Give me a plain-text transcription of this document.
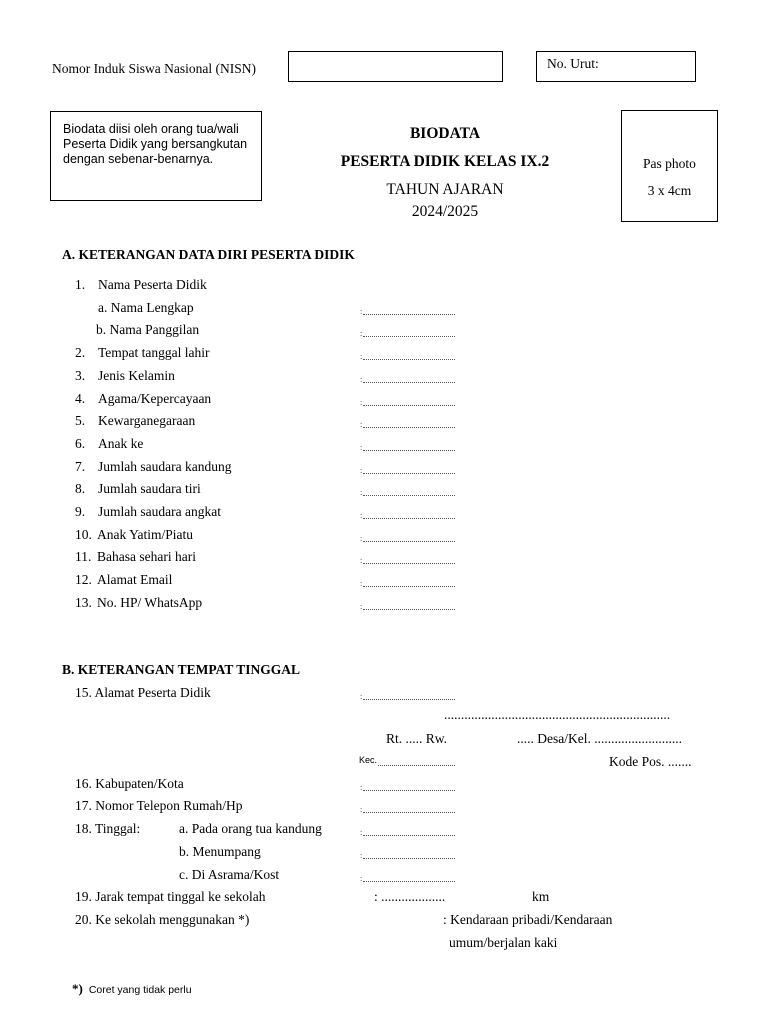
Nomor Induk Siswa Nasional (NISN)	No. Urut:
Biodata diisi oleh orang tua/wali Peserta Didik yang bersangkutan dengan sebenar-benarnya.
BIODATA
PESERTA DIDIK KELAS IX.2
TAHUN AJARAN
2024/2025
Pas photo
3 x 4cm
A. KETERANGAN DATA DIRI PESERTA DIDIK
1. Nama Peserta Didik
a. Nama Lengkap	:
b. Nama Panggilan	:
2. Tempat tanggal lahir	:
3. Jenis Kelamin	:
4. Agama/Kepercayaan	:
5. Kewarganegaraan	:
6. Anak ke	:
7. Jumlah saudara kandung	:
8. Jumlah saudara tiri	:
9. Jumlah saudara angkat	:
10. Anak Yatim/Piatu	:
11. Bahasa sehari hari	:
12. Alamat Email	:
13. No. HP/ WhatsApp	:
B. KETERANGAN TEMPAT TINGGAL
15. Alamat Peserta Didik	:
...................................................................
Rt. ..... Rw.	..... Desa/Kel. ..........................
Kec.	Kode Pos. .......
16. Kabupaten/Kota	:
17. Nomor Telepon Rumah/Hp	:
18. Tinggal:	a. Pada orang tua kandung	:
b. Menumpang	:
c. Di Asrama/Kost	:
19. Jarak tempat tinggal ke sekolah	: ...................	km
20. Ke sekolah menggunakan *)	: Kendaraan pribadi/Kendaraan
umum/berjalan kaki
*) Coret yang tidak perlu
